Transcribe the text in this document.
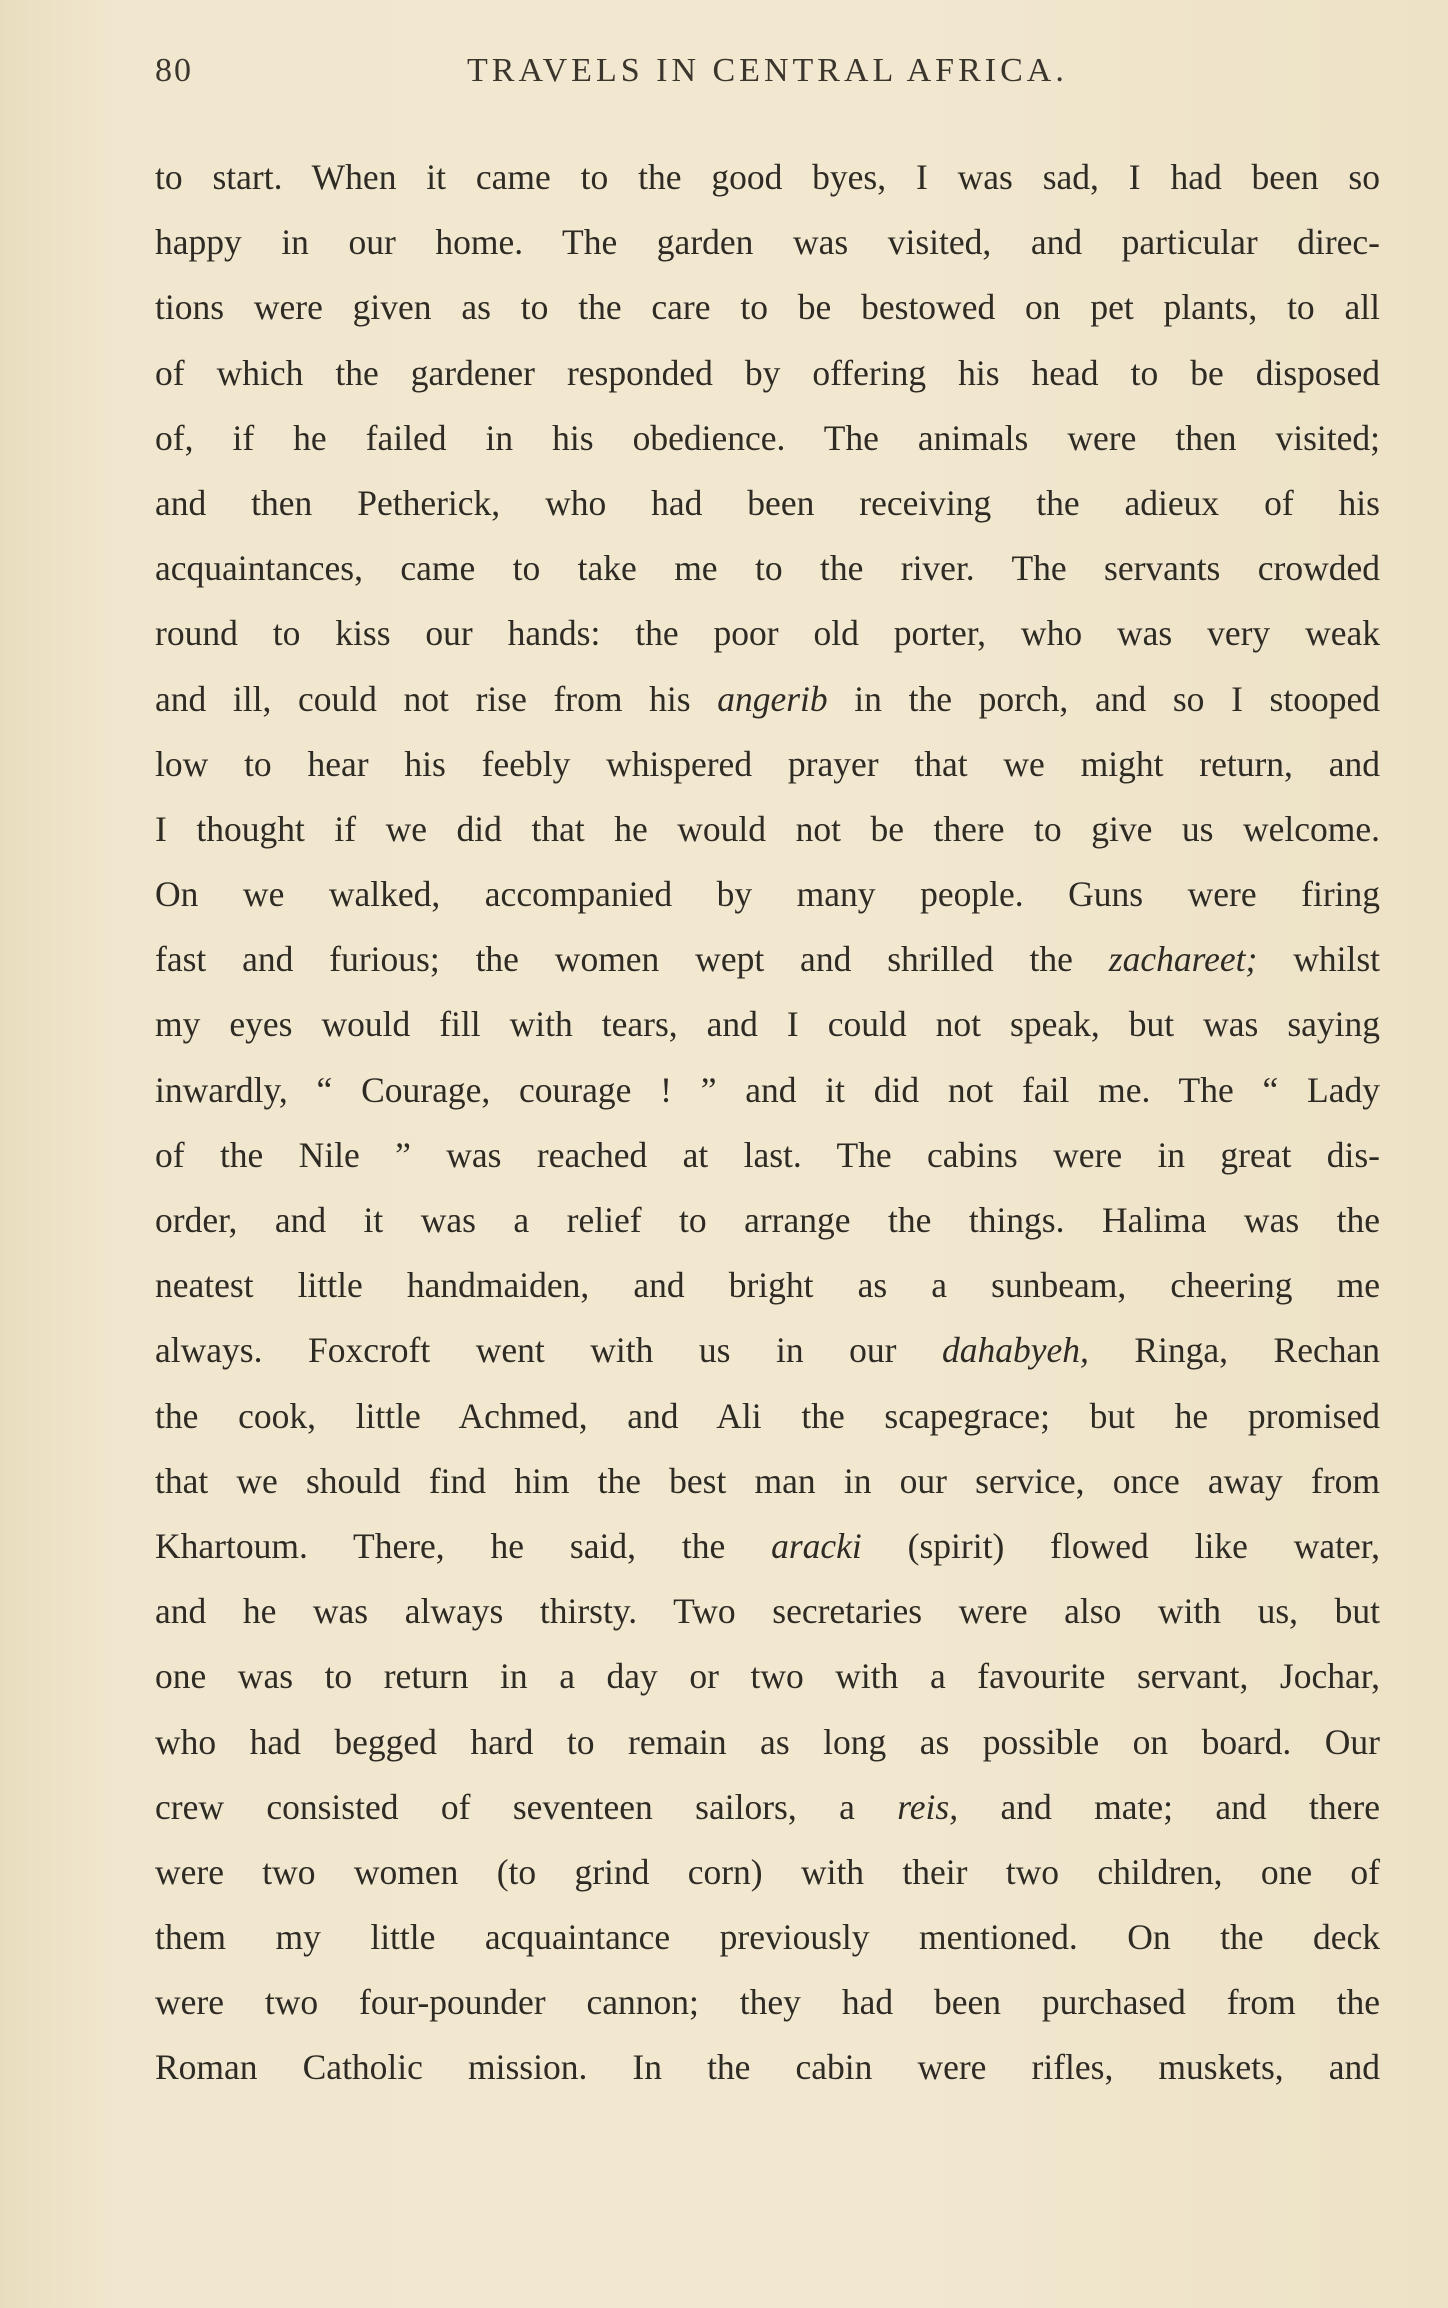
80	TRAVELS IN CENTRAL AFRICA.
to start. When it came to the good byes, I was sad, I had been so
happy in our home. The garden was visited, and particular direc-
tions were given as to the care to be bestowed on pet plants, to all
of which the gardener responded by offering his head to be disposed
of, if he failed in his obedience. The animals were then visited;
and then Petherick, who had been receiving the adieux of his
acquaintances, came to take me to the river. The servants crowded
round to kiss our hands: the poor old porter, who was very weak
and ill, could not rise from his angerib in the porch, and so I stooped
low to hear his feebly whispered prayer that we might return, and
I thought if we did that he would not be there to give us welcome.
On we walked, accompanied by many people. Guns were firing
fast and furious; the women wept and shrilled the zachareet; whilst
my eyes would fill with tears, and I could not speak, but was saying
inwardly, “ Courage, courage ! ” and it did not fail me. The “ Lady
of the Nile ” was reached at last. The cabins were in great dis-
order, and it was a relief to arrange the things. Halima was the
neatest little handmaiden, and bright as a sunbeam, cheering me
always. Foxcroft went with us in our dahabyeh, Ringa, Rechan
the cook, little Achmed, and Ali the scapegrace; but he promised
that we should find him the best man in our service, once away from
Khartoum. There, he said, the aracki (spirit) flowed like water,
and he was always thirsty. Two secretaries were also with us, but
one was to return in a day or two with a favourite servant, Jochar,
who had begged hard to remain as long as possible on board. Our
crew consisted of seventeen sailors, a reis, and mate; and there
were two women (to grind corn) with their two children, one of
them my little acquaintance previously mentioned. On the deck
were two four-pounder cannon; they had been purchased from the
Roman Catholic mission. In the cabin were rifles, muskets, and
